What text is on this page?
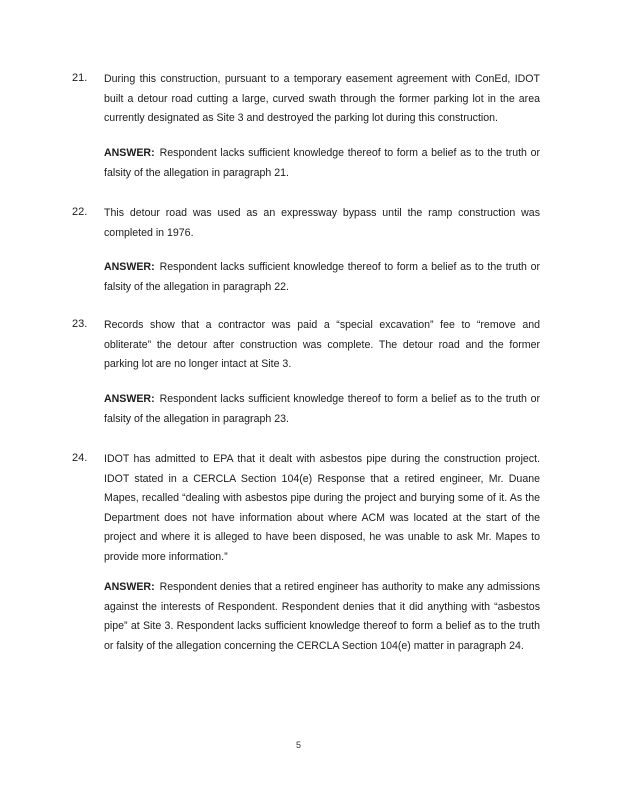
21. During this construction, pursuant to a temporary easement agreement with ConEd, IDOT built a detour road cutting a large, curved swath through the former parking lot in the area currently designated as Site 3 and destroyed the parking lot during this construction.

ANSWER: Respondent lacks sufficient knowledge thereof to form a belief as to the truth or falsity of the allegation in paragraph 21.

22. This detour road was used as an expressway bypass until the ramp construction was completed in 1976.

ANSWER: Respondent lacks sufficient knowledge thereof to form a belief as to the truth or falsity of the allegation in paragraph 22.

23. Records show that a contractor was paid a “special excavation” fee to “remove and obliterate” the detour after construction was complete. The detour road and the former parking lot are no longer intact at Site 3.

ANSWER: Respondent lacks sufficient knowledge thereof to form a belief as to the truth or falsity of the allegation in paragraph 23.

24. IDOT has admitted to EPA that it dealt with asbestos pipe during the construction project. IDOT stated in a CERCLA Section 104(e) Response that a retired engineer, Mr. Duane Mapes, recalled “dealing with asbestos pipe during the project and burying some of it. As the Department does not have information about where ACM was located at the start of the project and where it is alleged to have been disposed, he was unable to ask Mr. Mapes to provide more information.”

ANSWER: Respondent denies that a retired engineer has authority to make any admissions against the interests of Respondent. Respondent denies that it did anything with “asbestos pipe” at Site 3. Respondent lacks sufficient knowledge thereof to form a belief as to the truth or falsity of the allegation concerning the CERCLA Section 104(e) matter in paragraph 24.

5
